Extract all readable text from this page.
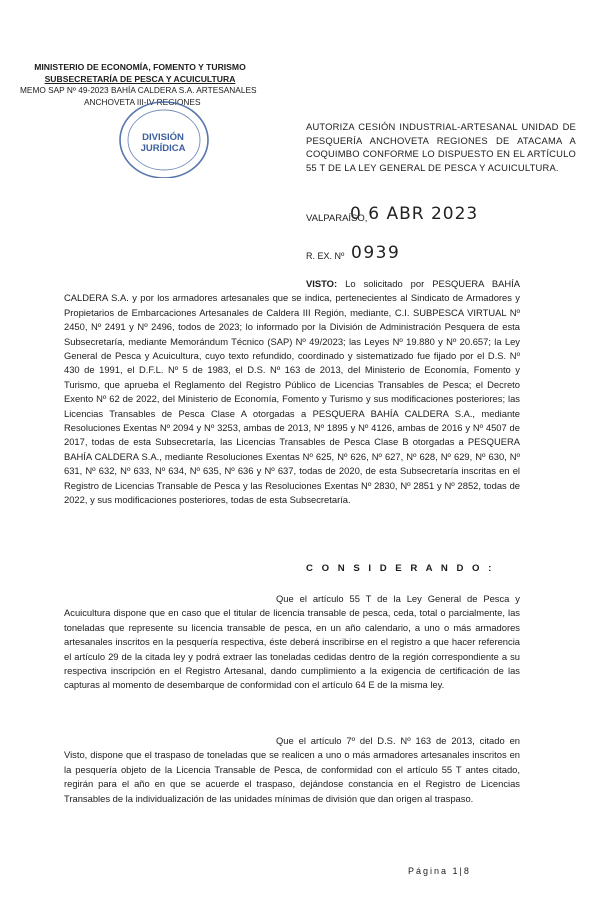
MINISTERIO DE ECONOMÍA, FOMENTO Y TURISMO
SUBSECRETARÍA DE PESCA Y ACUICULTURA
MEMO SAP Nº 49-2023 BAHÍA CALDERA S.A. ARTESANALES
ANCHOVETA III-IV REGIONES
DIVISIÓN
JURÍDICA
AUTORIZA CESIÓN INDUSTRIAL-ARTESANAL UNIDAD DE PESQUERÍA ANCHOVETA REGIONES DE ATACAMA A COQUIMBO CONFORME LO DISPUESTO EN EL ARTÍCULO 55 T DE LA LEY GENERAL DE PESCA Y ACUICULTURA.
VALPARAÍSO,
0 6 ABR 2023
R. EX. Nº 0939
VISTO: Lo solicitado por PESQUERA BAHÍA CALDERA S.A. y por los armadores artesanales que se indica, pertenecientes al Sindicato de Armadores y Propietarios de Embarcaciones Artesanales de Caldera III Región, mediante, C.I. SUBPESCA VIRTUAL Nº 2450, Nº 2491 y Nº 2496, todos de 2023; lo informado por la División de Administración Pesquera de esta Subsecretaría, mediante Memorándum Técnico (SAP) Nº 49/2023; las Leyes Nº 19.880 y Nº 20.657; la Ley General de Pesca y Acuicultura, cuyo texto refundido, coordinado y sistematizado fue fijado por el D.S. Nº 430 de 1991, el D.F.L. Nº 5 de 1983, el D.S. Nº 163 de 2013, del Ministerio de Economía, Fomento y Turismo, que aprueba el Reglamento del Registro Público de Licencias Transables de Pesca; el Decreto Exento Nº 62 de 2022, del Ministerio de Economía, Fomento y Turismo y sus modificaciones posteriores; las Licencias Transables de Pesca Clase A otorgadas a PESQUERA BAHÍA CALDERA S.A., mediante Resoluciones Exentas Nº 2094 y Nº 3253, ambas de 2013, Nº 1895 y Nº 4126, ambas de 2016 y Nº 4507 de 2017, todas de esta Subsecretaría, las Licencias Transables de Pesca Clase B otorgadas a PESQUERA BAHÍA CALDERA S.A., mediante Resoluciones Exentas Nº 625, Nº 626, Nº 627, Nº 628, Nº 629, Nº 630, Nº 631, Nº 632, Nº 633, Nº 634, Nº 635, Nº 636 y Nº 637, todas de 2020, de esta Subsecretaría inscritas en el Registro de Licencias Transable de Pesca y las Resoluciones Exentas Nº 2830, Nº 2851 y Nº 2852, todas de 2022, y sus modificaciones posteriores, todas de esta Subsecretaría.
C O N S I D E R A N D O :
Que el artículo 55 T de la Ley General de Pesca y Acuicultura dispone que en caso que el titular de licencia transable de pesca, ceda, total o parcialmente, las toneladas que represente su licencia transable de pesca, en un año calendario, a uno o más armadores artesanales inscritos en la pesquería respectiva, éste deberá inscribirse en el registro a que hacer referencia el artículo 29 de la citada ley y podrá extraer las toneladas cedidas dentro de la región correspondiente a su respectiva inscripción en el Registro Artesanal, dando cumplimiento a la exigencia de certificación de las capturas al momento de desembarque de conformidad con el artículo 64 E de la misma ley.
Que el artículo 7º del D.S. Nº 163 de 2013, citado en Visto, dispone que el traspaso de toneladas que se realicen a uno o más armadores artesanales inscritos en la pesquería objeto de la Licencia Transable de Pesca, de conformidad con el artículo 55 T antes citado, regirán para el año en que se acuerde el traspaso, dejándose constancia en el Registro de Licencias Transables de la individualización de las unidades mínimas de división que dan origen al traspaso.
Página 1|8
